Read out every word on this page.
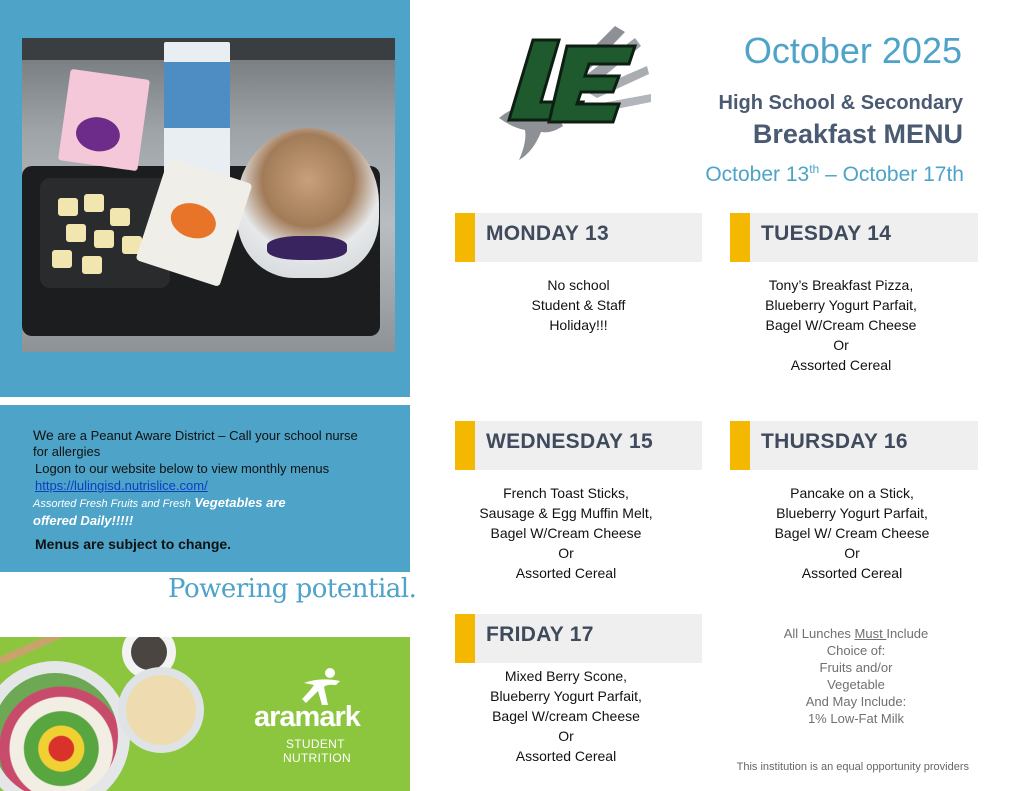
We are a Peanut Aware District – Call your school nurse
for allergies
Logon to our website below to view monthly menus
https://lulingisd.nutrislice.com/
Assorted Fresh Fruits and Fresh Vegetables are
offered Daily!!!!!
Menus are subject to change.
Powering potential.
aramark
STUDENT
NUTRITION
October 2025
High School & Secondary
Breakfast MENU
October 13th – October 17th
MONDAY 13
No school
Student & Staff
Holiday!!!
TUESDAY 14
Tony’s Breakfast Pizza,
Blueberry Yogurt Parfait,
Bagel W/Cream Cheese
Or
Assorted Cereal
WEDNESDAY 15
French Toast Sticks,
Sausage & Egg Muffin Melt,
Bagel W/Cream Cheese
Or
Assorted Cereal
THURSDAY 16
Pancake on a Stick,
Blueberry Yogurt Parfait,
Bagel W/ Cream Cheese
Or
Assorted Cereal
FRIDAY 17
Mixed Berry Scone,
Blueberry Yogurt Parfait,
Bagel W/cream Cheese
Or
Assorted Cereal
All Lunches Must Include
Choice of:
Fruits and/or
Vegetable
And May Include:
1% Low-Fat Milk
This institution is an equal opportunity providers
